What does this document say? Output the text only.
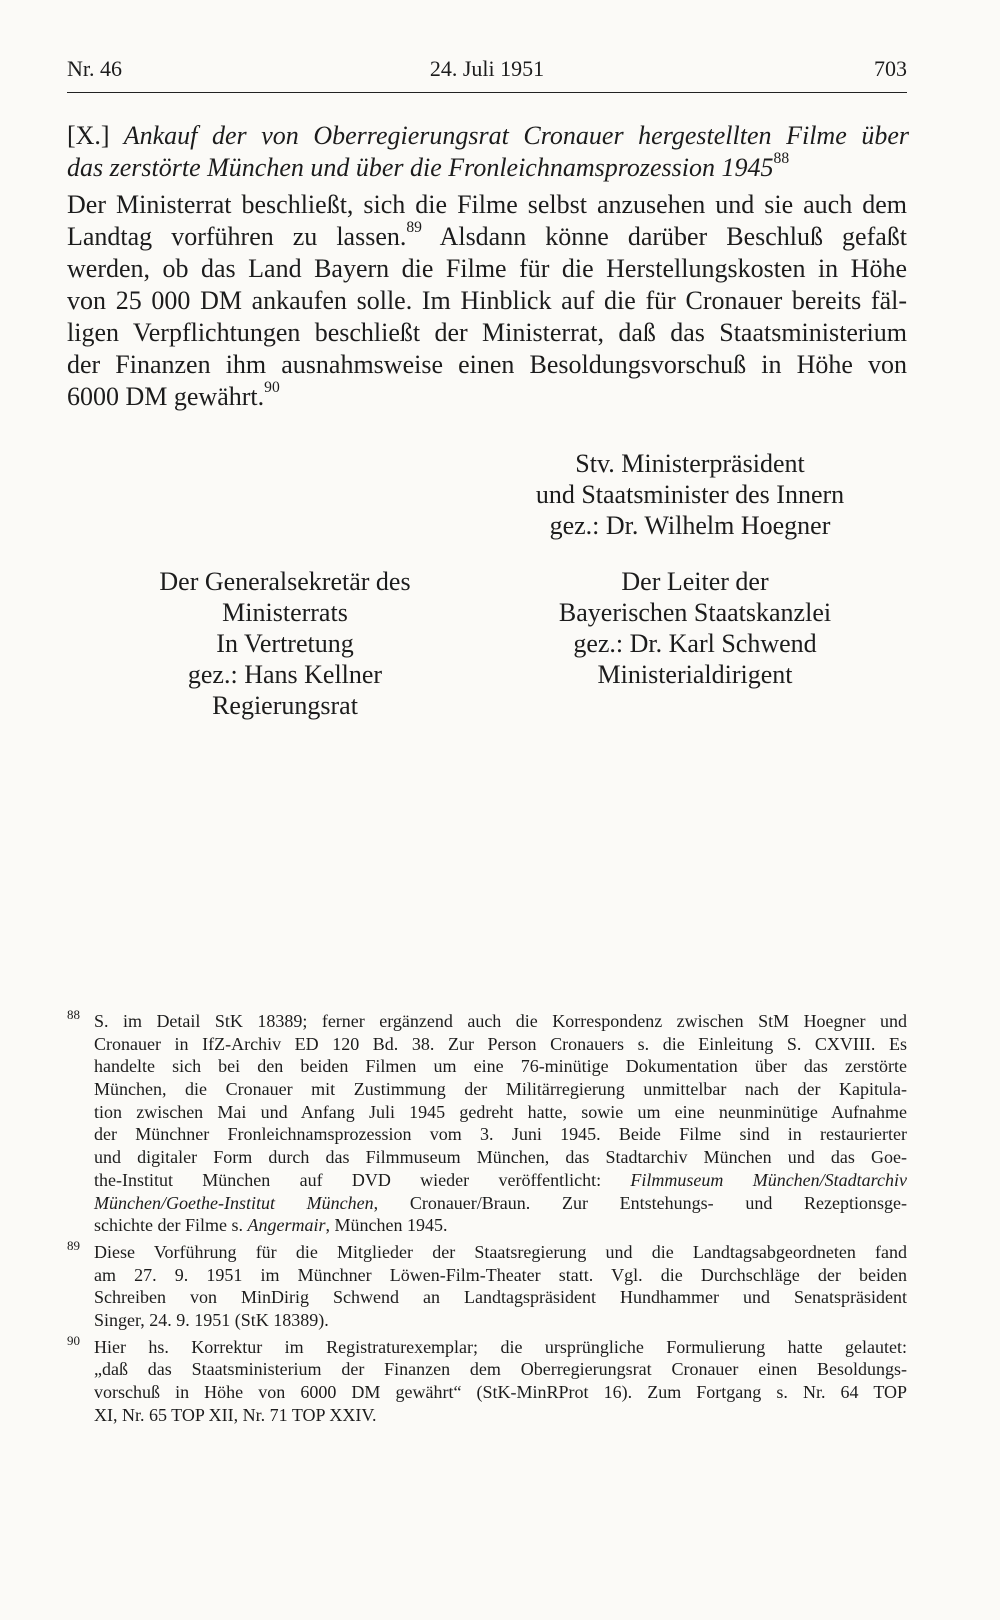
Nr. 46	24. Juli 1951	703
[X.] Ankauf der von Oberregierungsrat Cronauer hergestellten Filme über
das zerstörte München und über die Fronleichnamsprozession 1945$^{88}$
Der Ministerrat beschließt, sich die Filme selbst anzusehen und sie auch dem
Landtag vorführen zu lassen.$^{89}$ Alsdann könne darüber Beschluß gefaßt
werden, ob das Land Bayern die Filme für die Herstellungskosten in Höhe
von 25 000 DM ankaufen solle. Im Hinblick auf die für Cronauer bereits fäl-
ligen Verpflichtungen beschließt der Ministerrat, daß das Staatsministerium
der Finanzen ihm ausnahmsweise einen Besoldungsvorschuß in Höhe von
6000 DM gewährt.$^{90}$
Stv. Ministerpräsident
und Staatsminister des Innern
gez.: Dr. Wilhelm Hoegner
Der Generalsekretär des
Ministerrats
In Vertretung
gez.: Hans Kellner
Regierungsrat
Der Leiter der
Bayerischen Staatskanzlei
gez.: Dr. Karl Schwend
Ministerialdirigent
88 S. im Detail StK 18389; ferner ergänzend auch die Korrespondenz zwischen StM Hoegner und
Cronauer in IfZ-Archiv ED 120 Bd. 38. Zur Person Cronauers s. die Einleitung S. CXVIII. Es
handelte sich bei den beiden Filmen um eine 76-minütige Dokumentation über das zerstörte
München, die Cronauer mit Zustimmung der Militärregierung unmittelbar nach der Kapitula-
tion zwischen Mai und Anfang Juli 1945 gedreht hatte, sowie um eine neunminütige Aufnahme
der Münchner Fronleichnamsprozession vom 3. Juni 1945. Beide Filme sind in restaurierter
und digitaler Form durch das Filmmuseum München, das Stadtarchiv München und das Goe-
the-Institut München auf DVD wieder veröffentlicht: Filmmuseum München/Stadtarchiv
München/Goethe-Institut München, Cronauer/Braun. Zur Entstehungs- und Rezeptionsge-
schichte der Filme s. Angermair, München 1945.
89 Diese Vorführung für die Mitglieder der Staatsregierung und die Landtagsabgeordneten fand
am 27. 9. 1951 im Münchner Löwen-Film-Theater statt. Vgl. die Durchschläge der beiden
Schreiben von MinDirig Schwend an Landtagspräsident Hundhammer und Senatspräsident
Singer, 24. 9. 1951 (StK 18389).
90 Hier hs. Korrektur im Registraturexemplar; die ursprüngliche Formulierung hatte gelautet:
„daß das Staatsministerium der Finanzen dem Oberregierungsrat Cronauer einen Besoldungs-
vorschuß in Höhe von 6000 DM gewährt“ (StK-MinRProt 16). Zum Fortgang s. Nr. 64 TOP
XI, Nr. 65 TOP XII, Nr. 71 TOP XXIV.
